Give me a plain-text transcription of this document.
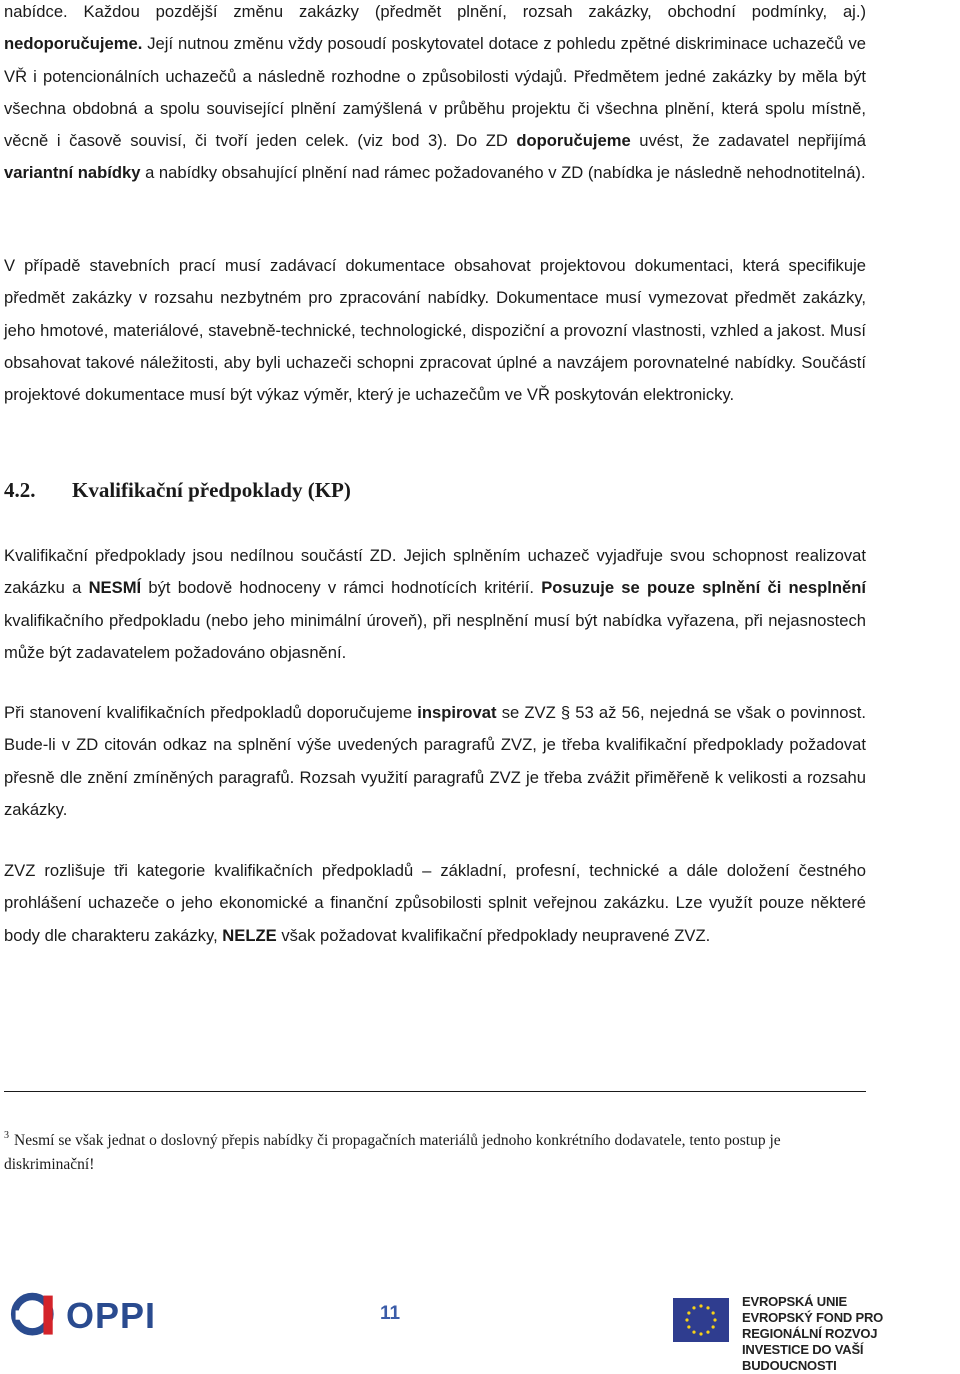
nabídce. Každou pozdější změnu zakázky (předmět plnění, rozsah zakázky, obchodní podmínky, aj.) nedoporučujeme. Její nutnou změnu vždy posoudí poskytovatel dotace z pohledu zpětné diskriminace uchazečů ve VŘ i potencionálních uchazečů a následně rozhodne o způsobilosti výdajů. Předmětem jedné zakázky by měla být všechna obdobná a spolu související plnění zamýšlená v průběhu projektu či všechna plnění, která spolu místně, věcně i časově souvisí, či tvoří jeden celek. (viz bod 3). Do ZD doporučujeme uvést, že zadavatel nepřijímá variantní nabídky a nabídky obsahující plnění nad rámec požadovaného v ZD (nabídka je následně nehodnotitelná).

V případě stavebních prací musí zadávací dokumentace obsahovat projektovou dokumentaci, která specifikuje předmět zakázky v rozsahu nezbytném pro zpracování nabídky. Dokumentace musí vymezovat předmět zakázky, jeho hmotové, materiálové, stavebně-technické, technologické, dispoziční a provozní vlastnosti, vzhled a jakost. Musí obsahovat takové náležitosti, aby byli uchazeči schopni zpracovat úplné a navzájem porovnatelné nabídky. Součástí projektové dokumentace musí být výkaz výměr, který je uchazečům ve VŘ poskytován elektronicky.

4.2. Kvalifikační předpoklady (KP)

Kvalifikační předpoklady jsou nedílnou součástí ZD. Jejich splněním uchazeč vyjadřuje svou schopnost realizovat zakázku a NESMÍ být bodově hodnoceny v rámci hodnotících kritérií. Posuzuje se pouze splnění či nesplnění kvalifikačního předpokladu (nebo jeho minimální úroveň), při nesplnění musí být nabídka vyřazena, při nejasnostech může být zadavatelem požadováno objasnění.

Při stanovení kvalifikačních předpokladů doporučujeme inspirovat se ZVZ § 53 až 56, nejedná se však o povinnost. Bude-li v ZD citován odkaz na splnění výše uvedených paragrafů ZVZ, je třeba kvalifikační předpoklady požadovat přesně dle znění zmíněných paragrafů. Rozsah využití paragrafů ZVZ je třeba zvážit přiměřeně k velikosti a rozsahu zakázky.

ZVZ rozlišuje tři kategorie kvalifikačních předpokladů – základní, profesní, technické a dále doložení čestného prohlášení uchazeče o jeho ekonomické a finanční způsobilosti splnit veřejnou zakázku. Lze využít pouze některé body dle charakteru zakázky, NELZE však požadovat kvalifikační předpoklady neupravené ZVZ.

$^3$ Nesmí se však jednat o doslovný přepis nabídky či propagačních materiálů jednoho konkrétního dodavatele, tento postup je diskriminační!

OPPI	11
EVROPSKÁ UNIE
EVROPSKÝ FOND PRO REGIONÁLNÍ ROZVOJ
INVESTICE DO VAŠÍ BUDOUCNOSTI
